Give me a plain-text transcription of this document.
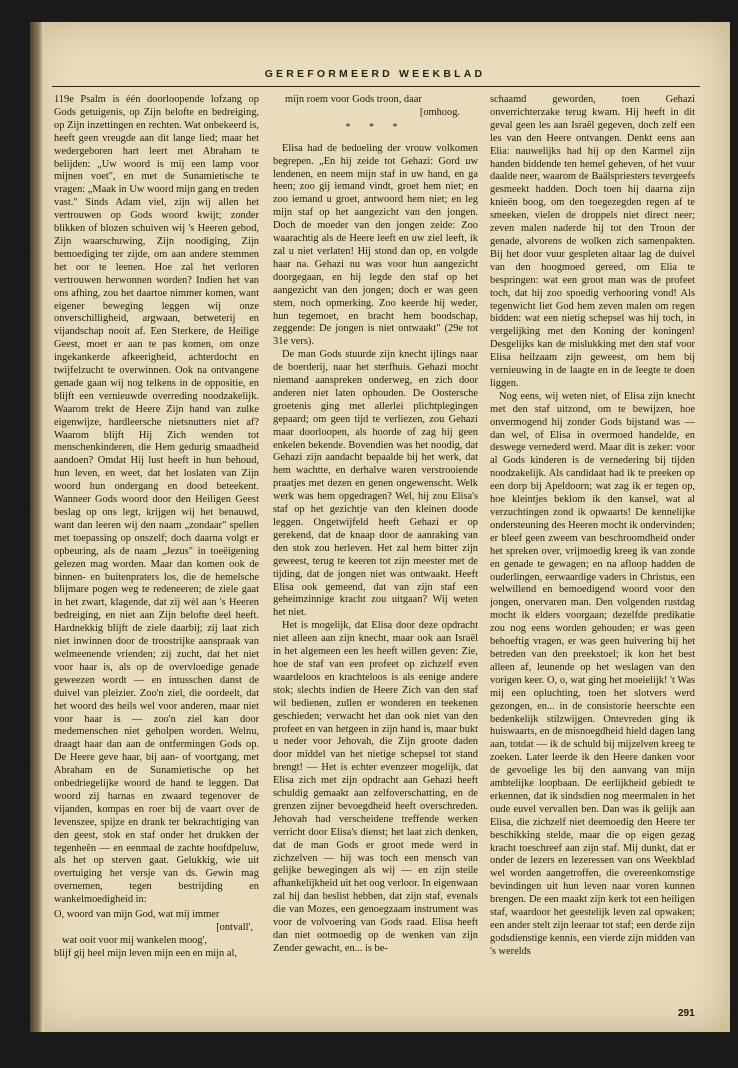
GEREFORMEERD WEEKBLAD

119e Psalm is één doorloopende lofzang op Gods getuigenis, op Zijn belofte en bedreiging, op Zijn inzettingen en rechten. Wat onbekeerd is, heeft geen vreugde aan dit lange lied; maar het wedergeboren hart leert met Abraham te belijden: „Uw woord is mij een lamp voor mijnen voet", en met de Sunamietische te vragen: „Maak in Uw woord mijn gang en treden vast." Sinds Adam viel, zijn wij allen het vertrouwen op Gods woord kwijt; zonder blikken of blozen schuiven wij 's Heeren gebod, Zijn waarschuwing, Zijn noodiging, Zijn bemoediging ter zijde, om aan andere stemmen het oor te leenen. Hoe zal het verloren vertrouwen herwonnen worden? Indien het van ons afhing, zou het daartoe nimmer komen, want eigener beweging leggen wij onze onverschilligheid, argwaan, betweterij en vijandschap nooit af. Een Sterkere, de Heilige Geest, moet er aan te pas komen, om onze ingekankerde afkeerigheid, achterdocht en twijfelzucht te overwinnen. Ook na ontvangene genade gaan wij nog telkens in de oppositie, en blijft een vernieuwde overreding noodzakelijk. Waarom trekt de Heere Zijn hand van zulke eigenwijze, hardleersche nietsnutters niet af? Waarom blijft Hij Zich wenden tot menschenkinderen, die Hem gedurig smaadheid aandoen? Omdat Hij lust heeft in hun behoud, hun leven, en weet, dat het loslaten van Zijn woord hun ondergang en dood beteekent. Wanneer Gods woord door den Heiligen Geest beslag op ons legt, krijgen wij het benauwd, want dan leeren wij den naam „zondaar" spellen met toepassing op onszelf; doch daarna volgt er opbeuring, als de naam „Jezus" in toeëigening gelezen mag worden. Maar dan komen ook de binnen- en buitenpraters los, die de hemelsche blijmare pogen weg te redeneeren; de ziele gaat in het zwart, klagende, dat zij wèl aan 's Heeren bedreiging, en niet aan Zijn belofte deel heeft. Hardnekkig blijft de ziele daarbij; zij laat zich niet inwinnen door de troostrijke aanspraak van welmeenende vrienden; zij zucht, dat het niet voor haar is, als op de overvloedige genade geweezen wordt — en intusschen danst de duivel van pleizier. Zoo'n ziel, die oordeelt, dat het woord des heils wel voor anderen, maar niet voor haar is — zoo'n ziel kan door medemenschen niet geholpen worden. Welnu, draagt haar dan aan de ontfermingen Gods op. De Heere geve haar, bij aan- of voortgang, met Abraham en de Sunamietische op het onbedriegelijke woord de hand te leggen. Dat woord zij harnas en zwaard tegenover de vijanden, kompas en roer bij de vaart over de levenszee, spijze en drank ter bekrachtiging van den geest, stok en staf onder het drukken der tegenheên — en eenmaal de zachte hoofdpeluw, als het op sterven gaat. Gelukkig, wie uit overtuiging het versje van ds. Gewin mag overnemen, tegen bestrijding en wankelmoedigheid in:

O, woord van mijn God, wat mij immer
[ontvall',
wat ooit voor mij wankelen moog',
blijf gij heel mijn leven mijn een en mijn al,
mijn roem voor Gods troon, daar
[omhoog.
* * *

Elisa had de bedoeling der vrouw volkomen begrepen. „En hij zeide tot Gehazi: Gord uw lendenen, en neem mijn staf in uw hand, en ga heen; zoo gij iemand vindt, groet hem niet; en zoo iemand u groet, antwoord hem niet; en leg mijn staf op het aangezicht van den jongen. Doch de moeder van den jongen zeide: Zoo waarachtig als de Heere leeft en uw ziel leeft, ik zal u niet verlaten! Hij stond dan op, en volgde haar na. Gehazi nu was voor hun aangezicht doorgegaan, en hij legde den staf op het aangezicht van den jongen; doch er was geen stem, noch opmerking. Zoo keerde hij weder, hun tegemoet, en bracht hem boodschap, zeggende: De jongen is niet ontwaakt" (29e tot 31e vers).

De man Gods stuurde zijn knecht ijlings naar de boerderij, naar het sterfhuis. Gehazi mocht niemand aanspreken onderweg, en zich door anderen niet laten ophouden. De Oostersche groetenis ging met allerlei plichtplegingen gepaard; om geen tijd te verliezen, zou Gehazi maar doorloopen, als hoorde of zag hij geen enkelen bekende. Bovendien was het noodig, dat Gehazi zijn aandacht bepaalde bij het werk, dat hem wachtte, en derhalve waren verstrooiende praatjes met dezen en genen ongewenscht. Welk werk was hem opgedragen? Wel, hij zou Elisa's staf op het gezichtje van den kleinen doode leggen. Ongetwijfeld heeft Gehazi er op gerekend, dat de knaap door de aanraking van den stok zou herleven. Het zal hem bitter zijn geweest, terug te keeren tot zijn meester met de tijding, dat de jongen niet was ontwaakt. Heeft Elisa ook gemeend, dat van zijn staf een geheimzinnige kracht zou uitgaan? Wij weten het niet.

Het is mogelijk, dat Elisa door deze opdracht niet alleen aan zijn knecht, maar ook aan Israël in het algemeen een les heeft willen geven: Zie, hoe de staf van een profeet op zichzelf even waardeloos en krachteloos is als eenige andere stok; slechts indien de Heere Zich van den staf wil bedienen, zullen er wonderen en teekenen geschieden; verwacht het dan ook niet van den profeet en van hetgeen in zijn hand is, maar bukt u neder voor Jehovah, die Zijn groote daden door middel van het nietige schepsel tot stand brengt! — Het is echter evenzeer mogelijk, dat Elisa zich met zijn opdracht aan Gehazi heeft schuldig gemaakt aan zelfoverschatting, en de grenzen zijner bevoegdheid heeft overschreden. Jehovah had verscheidene treffende werken verricht door Elisa's dienst; het laat zich denken, dat de man Gods er groot mede werd in zichzelven — hij was toch een mensch van gelijke bewegingen als wij — en zijn steile afhankelijkheid uit het oog verloor. In eigenwaan zal hij dan beslist hebben, dat zijn staf, evenals die van Mozes, een genoegzaam instrument was voor de volvoering van Gods raad. Elisa heeft dan niet ootmoedig op de wenken van zijn Zender gewacht, en... is be-

schaamd geworden, toen Gehazi onverrichterzake terug kwam. Hij heeft in dit geval geen les aan Israël gegeven, doch zelf een les van den Heere ontvangen. Denkt eens aan Elia: nauwelijks had hij op den Karmel zijn handen biddende ten hemel geheven, of het vuur daalde neer, waarom de Baälspriesters tevergeefs gesmeekt hadden. Doch toen hij daarna zijn knieën boog, om den toegezegden regen af te smeeken, vielen de droppels niet direct neer; zeven malen naderde hij tot den Troon der genade, alvorens de wolken zich samenpakten. Bij het door vuur gespleten altaar lag de duivel van den hoogmoed gereed, om Elia te bespringen: wat een groot man was de profeet toch, dat hij zoo spoedig verhooring vond! Als tegenwicht liet God hem zeven malen om regen bidden: wat een nietig schepsel was hij toch, in vergelijking met den Koning der koningen! Desgelijks kan de mislukking met den staf voor Elisa heilzaam zijn geweest, om hem bij vernieuwing in de laagte en in de leegte te doen liggen.

Nog eens, wij weten niet, of Elisa zijn knecht met den staf uitzond, om te bewijzen, hoe onvermogend hij zonder Gods bijstand was — dan wel, of Elisa in overmoed handelde, en deswege vernederd werd. Maar dit is zeker: voor al Gods kinderen is de vernedering bij tijden noodzakelijk. Als candidaat had ik te preeken op een dorp bij Apeldoorn; wat zag ik er tegen op, hoe kleintjes beklom ik den kansel, wat al verzuchtingen zond ik opwaarts! De kennelijke ondersteuning des Heeren mocht ik ondervinden; er bleef geen zweem van beschroomdheid onder het spreken over, vrijmoedig kreeg ik van zonde en genade te gewagen; en na afloop hadden de ouderlingen, eerwaardige vaders in Christus, een welwillend en bemoedigend woord voor den jongen, onervaren man. Den volgenden rustdag mocht ik elders voorgaan; dezelfde predikatie zou nog eens worden gehouden; er was geen behoeftig vragen, er was geen huivering bij het betreden van den preekstoel; ik kon het best alleen af, leunende op het weslagen van den vorigen keer. O, o, wat ging het moeielijk! 't Was mij een opluchting, toen het slotvers werd gezongen, en... in de consistorie heerschte een bedenkelijk stilzwijgen. Ontevreden ging ik huiswaarts, en de misnoegdheid hield dagen lang aan, totdat — ik de schuld bij mijzelven kreeg te zoeken. Later leerde ik den Heere danken voor de gevoelige les bij den aanvang van mijn ambtelijke loopbaan. De eerlijkheid gebiedt te erkennen, dat ik sindsdien nog meermalen in het oude euvel vervallen ben. Dan was ik gelijk aan Elisa, die zichzelf niet deemoedig den Heere ter beschikking stelde, maar die op eigen gezag kracht toeschreef aan zijn staf. Mij dunkt, dat er onder de lezers en lezeressen van ons Weekblad wel worden aangetroffen, die overeenkomstige bevindingen uit hun leven naar voren kunnen brengen. De een maakt zijn kerk tot een heiligen staf, waardoor het geestelijk leven zal opwaken; een ander stelt zijn leeraar tot staf; een derde zijn godsdienstige kennis, een vierde zijn midden van 's werelds

291
